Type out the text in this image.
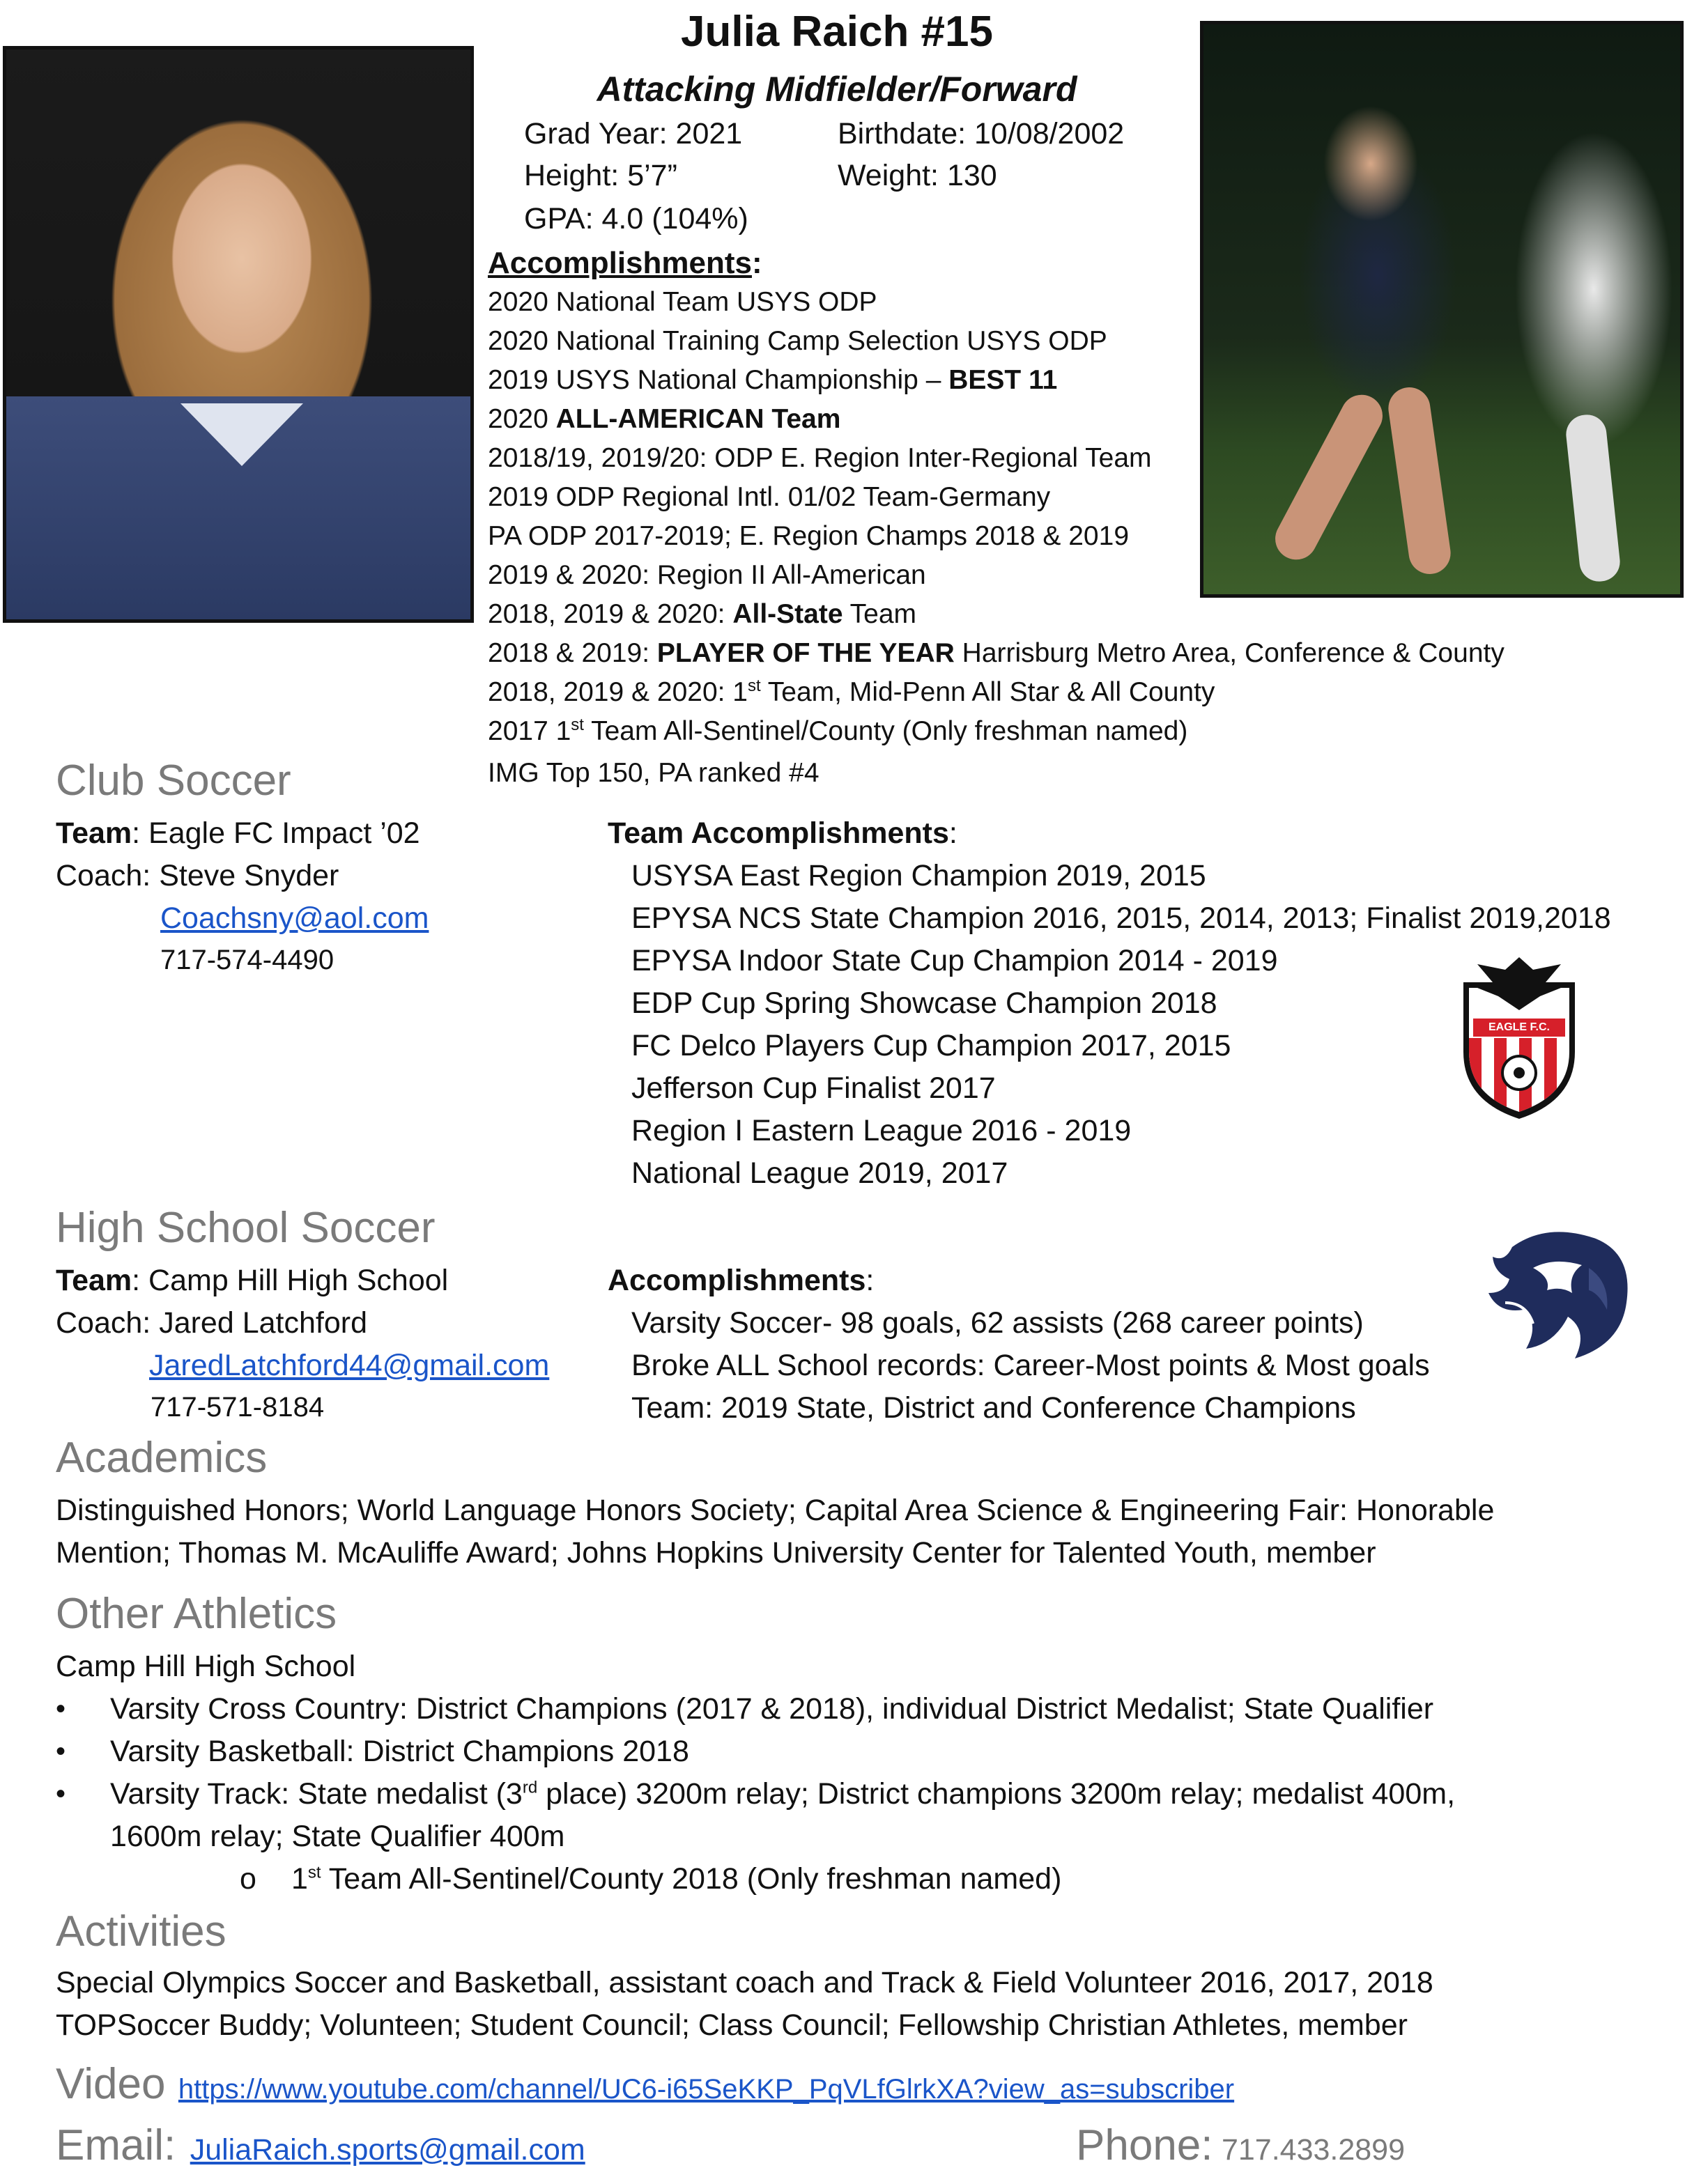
Julia Raich #15
Attacking Midfielder/Forward
Grad Year: 2021	Birthdate: 10/08/2002
Height: 5’7”	Weight: 130
GPA: 4.0 (104%)
Accomplishments:
2020 National Team USYS ODP
2020 National Training Camp Selection USYS ODP
2019 USYS National Championship – BEST 11
2020 ALL-AMERICAN Team
2018/19, 2019/20: ODP E. Region Inter-Regional Team
2019 ODP Regional Intl. 01/02 Team-Germany
PA ODP 2017-2019; E. Region Champs 2018 & 2019
2019 & 2020: Region II All-American
2018, 2019 & 2020: All-State Team
2018 & 2019: PLAYER OF THE YEAR Harrisburg Metro Area, Conference & County
2018, 2019 & 2020: 1st Team, Mid-Penn All Star & All County
2017 1st Team All-Sentinel/County (Only freshman named)
IMG Top 150, PA ranked #4
Club Soccer
Team: Eagle FC Impact ’02
Coach: Steve Snyder
Coachsny@aol.com
717-574-4490
Team Accomplishments:
USYSA East Region Champion 2019, 2015
EPYSA NCS State Champion 2016, 2015, 2014, 2013; Finalist 2019,2018
EPYSA Indoor State Cup Champion 2014 - 2019
EDP Cup Spring Showcase Champion 2018
FC Delco Players Cup Champion 2017, 2015
Jefferson Cup Finalist 2017
Region I Eastern League 2016 - 2019
National League 2019, 2017
EAGLE F.C.
High School Soccer
Team: Camp Hill High School
Coach: Jared Latchford
JaredLatchford44@gmail.com
717-571-8184
Accomplishments:
Varsity Soccer- 98 goals, 62 assists (268 career points)
Broke ALL School records: Career-Most points & Most goals
Team: 2019 State, District and Conference Champions
Academics
Distinguished Honors; World Language Honors Society; Capital Area Science & Engineering Fair: Honorable
Mention; Thomas M. McAuliffe Award; Johns Hopkins University Center for Talented Youth, member
Other Athletics
Camp Hill High School
• Varsity Cross Country: District Champions (2017 & 2018), individual District Medalist; State Qualifier
• Varsity Basketball: District Champions 2018
• Varsity Track: State medalist (3rd place) 3200m relay; District champions 3200m relay; medalist 400m,
1600m relay; State Qualifier 400m
o 1st Team All-Sentinel/County 2018 (Only freshman named)
Activities
Special Olympics Soccer and Basketball, assistant coach and Track & Field Volunteer 2016, 2017, 2018
TOPSoccer Buddy; Volunteen; Student Council; Class Council; Fellowship Christian Athletes, member
Video https://www.youtube.com/channel/UC6-i65SeKKP_PqVLfGlrkXA?view_as=subscriber
Email: JuliaRaich.sports@gmail.com	Phone: 717.433.2899
